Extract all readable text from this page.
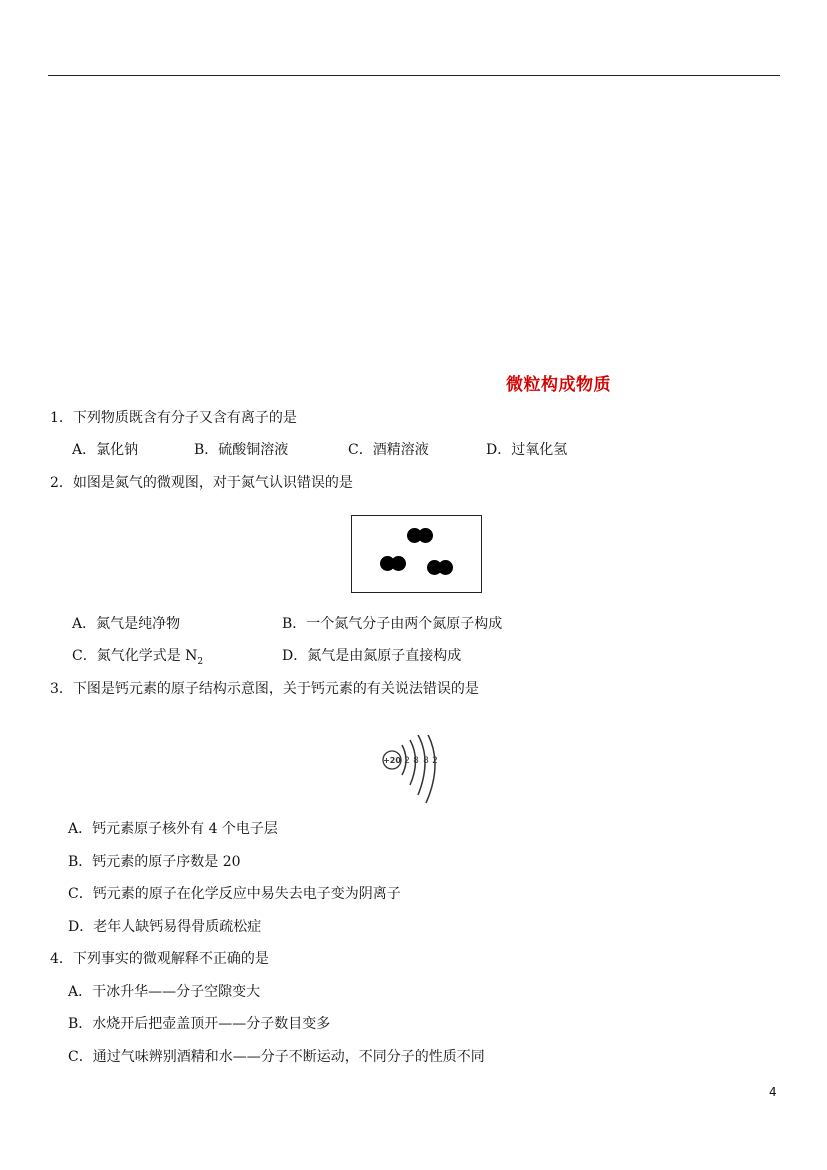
微粒构成物质
1．下列物质既含有分子又含有离子的是
A．氯化钠	B．硫酸铜溶液	C．酒精溶液	D．过氧化氢
2．如图是氮气的微观图，对于氮气认识错误的是
A．氮气是纯净物	B．一个氮气分子由两个氮原子构成
C．氮气化学式是 $N_2$	D．氮气是由氮原子直接构成
3．下图是钙元素的原子结构示意图，关于钙元素的有关说法错误的是
+20 2 8 8 2
A．钙元素原子核外有 4 个电子层
B．钙元素的原子序数是 20
C．钙元素的原子在化学反应中易失去电子变为阴离子
D．老年人缺钙易得骨质疏松症
4．下列事实的微观解释不正确的是
A．干冰升华——分子空隙变大
B．水烧开后把壶盖顶开——分子数目变多
C．通过气味辨别酒精和水——分子不断运动，不同分子的性质不同
4
